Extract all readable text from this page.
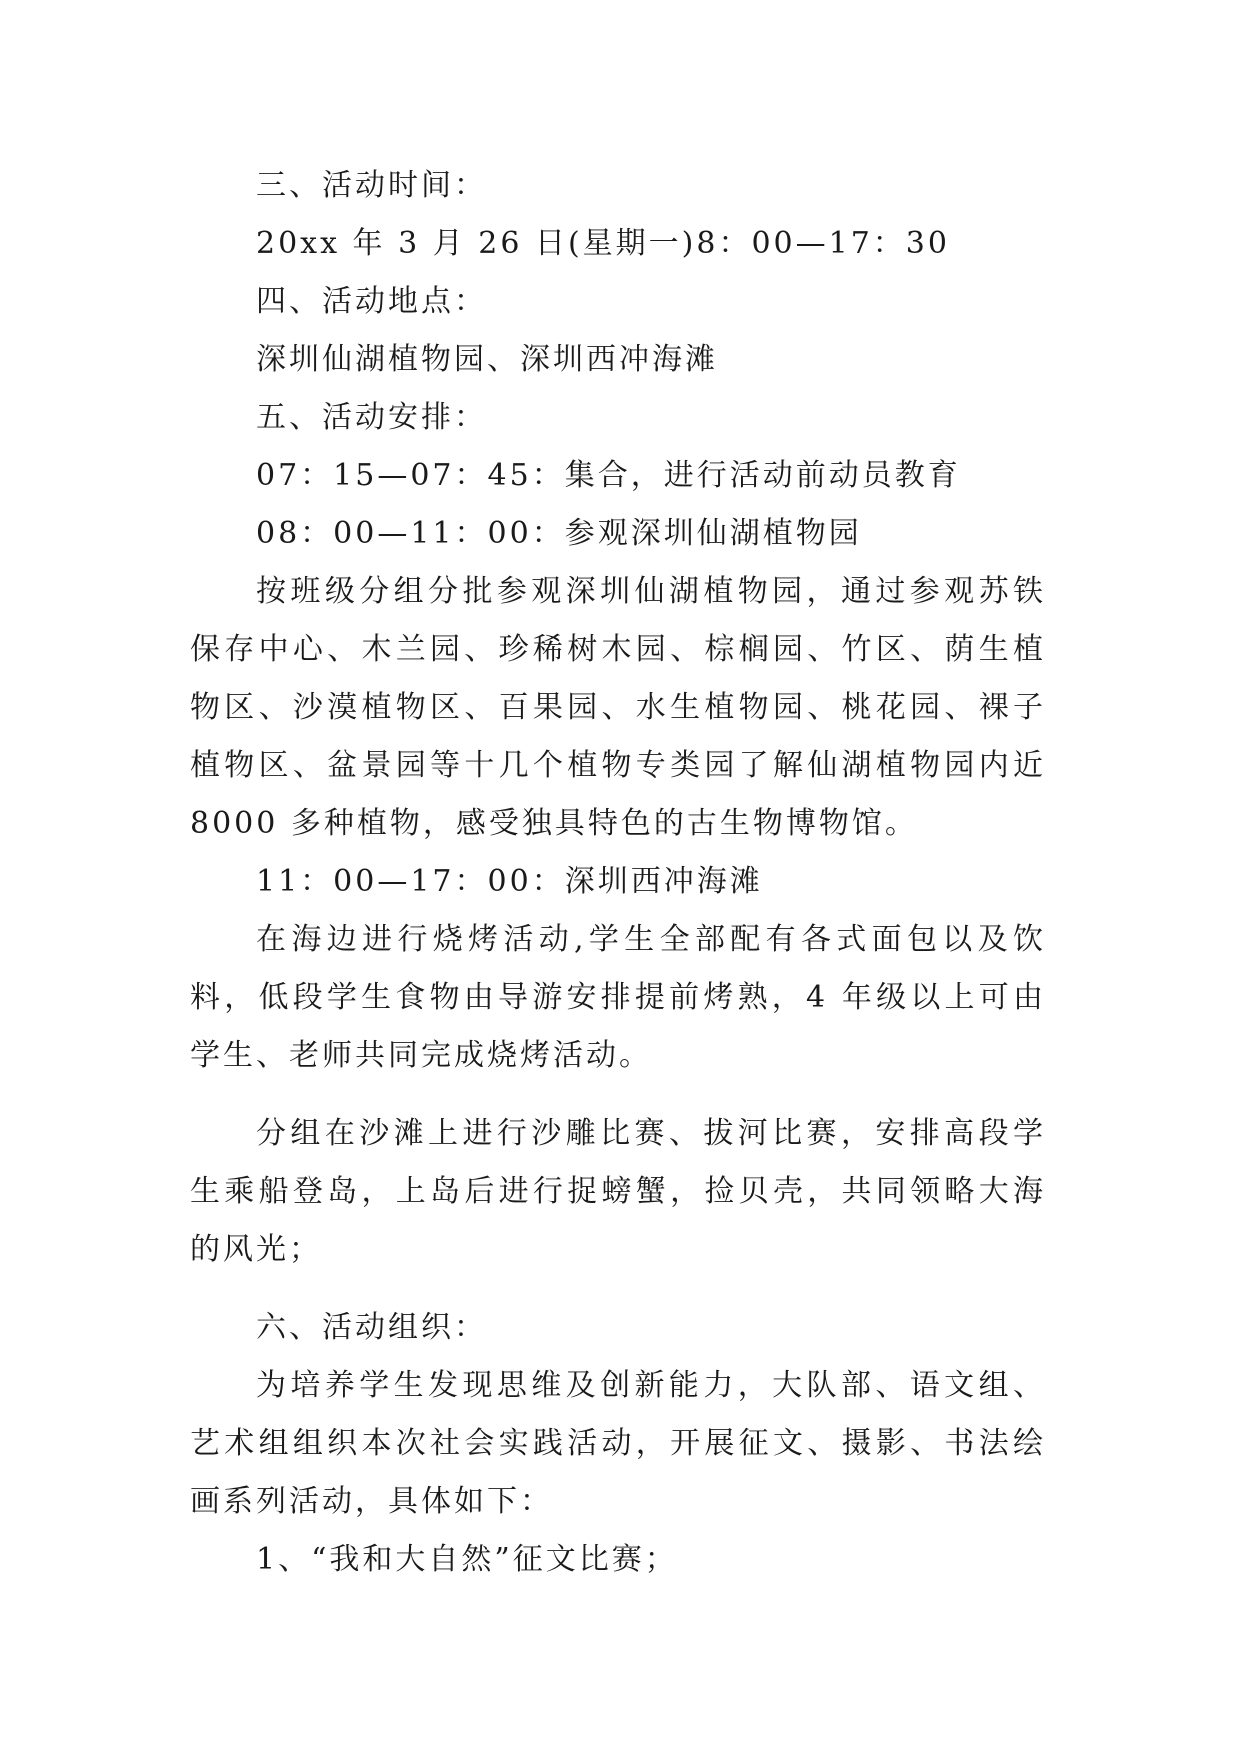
三、活动时间：
20xx 年 3 月 26 日(星期一)8：00—17：30
四、活动地点：
深圳仙湖植物园、深圳西冲海滩
五、活动安排：
07：15—07：45：集合，进行活动前动员教育
08：00—11：00：参观深圳仙湖植物园

按班级分组分批参观深圳仙湖植物园，通过参观苏铁保存中心、木兰园、珍稀树木园、棕榈园、竹区、荫生植物区、沙漠植物区、百果园、水生植物园、桃花园、裸子植物区、盆景园等十几个植物专类园了解仙湖植物园内近 8000 多种植物，感受独具特色的古生物博物馆。

11：00—17：00：深圳西冲海滩

在海边进行烧烤活动,学生全部配有各式面包以及饮料，低段学生食物由导游安排提前烤熟，4 年级以上可由学生、老师共同完成烧烤活动。

分组在沙滩上进行沙雕比赛、拔河比赛，安排高段学生乘船登岛，上岛后进行捉螃蟹，捡贝壳，共同领略大海的风光；

六、活动组织：

为培养学生发现思维及创新能力，大队部、语文组、艺术组组织本次社会实践活动，开展征文、摄影、书法绘画系列活动，具体如下：

1、“我和大自然”征文比赛；
